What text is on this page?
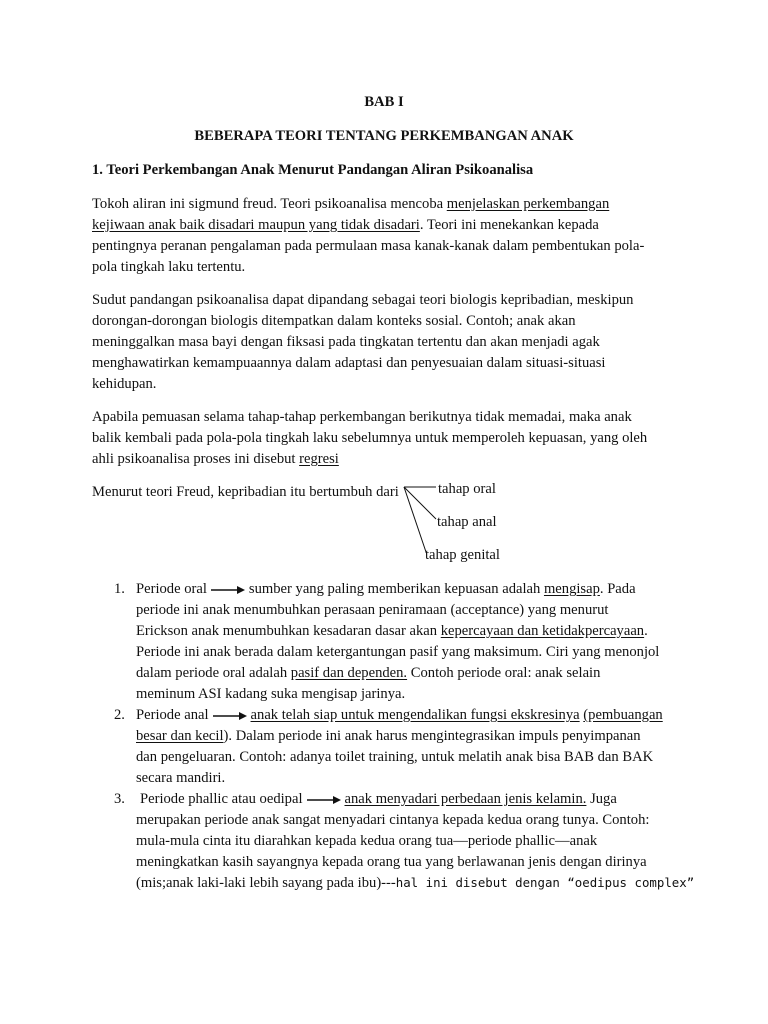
BAB I
BEBERAPA TEORI TENTANG PERKEMBANGAN ANAK
1. Teori Perkembangan Anak Menurut Pandangan Aliran Psikoanalisa
Tokoh aliran ini sigmund freud. Teori psikoanalisa mencoba menjelaskan perkembangan
kejiwaan anak baik disadari maupun yang tidak disadari. Teori ini menekankan kepada
pentingnya peranan pengalaman pada permulaan masa kanak-kanak dalam pembentukan pola-
pola tingkah laku tertentu.
Sudut pandangan psikoanalisa dapat dipandang sebagai teori biologis kepribadian, meskipun
dorongan-dorongan biologis ditempatkan dalam konteks sosial. Contoh; anak akan
meninggalkan masa bayi dengan fiksasi pada tingkatan tertentu dan akan menjadi agak
menghawatirkan kemampuaannya dalam adaptasi dan penyesuaian dalam situasi-situasi
kehidupan.
Apabila pemuasan selama tahap-tahap perkembangan berikutnya tidak memadai, maka anak
balik kembali pada pola-pola tingkah laku sebelumnya untuk memperoleh kepuasan, yang oleh
ahli psikoanalisa proses ini disebut regresi
Menurut teori Freud, kepribadian itu bertumbuh dari	tahap oral
tahap anal
tahap genital
1. Periode oral	sumber yang paling memberikan kepuasan adalah mengisap. Pada
periode ini anak menumbuhkan perasaan peniramaan (acceptance) yang menurut
Erickson anak menumbuhkan kesadaran dasar akan kepercayaan dan ketidakpercayaan.
Periode ini anak berada dalam ketergantungan pasif yang maksimum. Ciri yang menonjol
dalam periode oral adalah pasif dan dependen. Contoh periode oral: anak selain
meminum ASI kadang suka mengisap jarinya.
2. Periode anal	anak telah siap untuk mengendalikan fungsi ekskresinya (pembuangan
besar dan kecil). Dalam periode ini anak harus mengintegrasikan impuls penyimpanan
dan pengeluaran. Contoh: adanya toilet training, untuk melatih anak bisa BAB dan BAK
secara mandiri.
3. Periode phallic atau oedipal	anak menyadari perbedaan jenis kelamin. Juga
merupakan periode anak sangat menyadari cintanya kepada kedua orang tunya. Contoh:
mula-mula cinta itu diarahkan kepada kedua orang tua—periode phallic—anak
meningkatkan kasih sayangnya kepada orang tua yang berlawanan jenis dengan dirinya
(mis;anak laki-laki lebih sayang pada ibu)---hal ini disebut dengan “oedipus complex”
